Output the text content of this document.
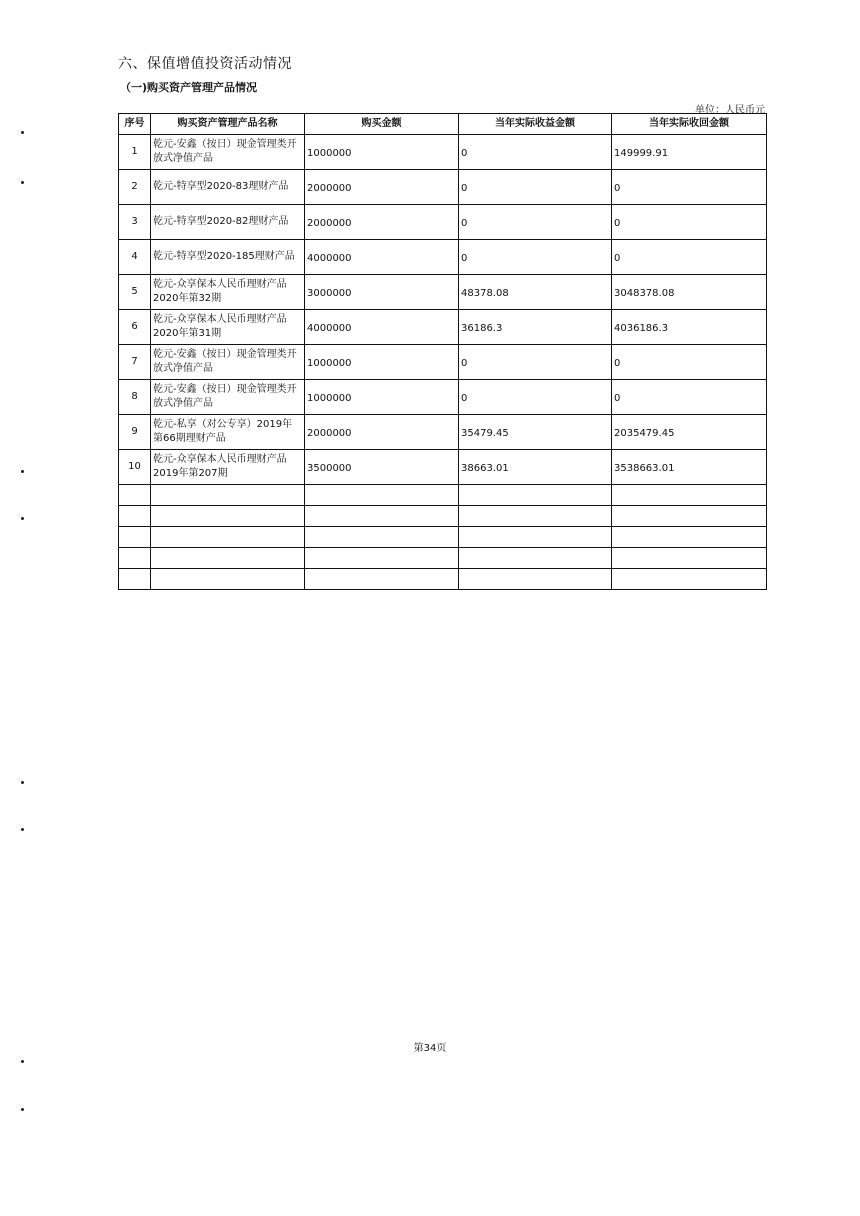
六、保值增值投资活动情况
（一)购买资产管理产品情况
单位：人民币元
序号	购买资产管理产品名称	购买金额	当年实际收益金额	当年实际收回金额
1	乾元-安鑫（按日）现金管理类开放式净值产品	1000000	0	149999.91
2	乾元-特享型2020-83理财产品	2000000	0	0
3	乾元-特享型2020-82理财产品	2000000	0	0
4	乾元-特享型2020-185理财产品	4000000	0	0
5	乾元-众享保本人民币理财产品2020年第32期	3000000	48378.08	3048378.08
6	乾元-众享保本人民币理财产品2020年第31期	4000000	36186.3	4036186.3
7	乾元-安鑫（按日）现金管理类开放式净值产品	1000000	0	0
8	乾元-安鑫（按日）现金管理类开放式净值产品	1000000	0	0
9	乾元-私享（对公专享）2019年第66期理财产品	2000000	35479.45	2035479.45
10	乾元-众享保本人民币理财产品2019年第207期	3500000	38663.01	3538663.01

第34页
